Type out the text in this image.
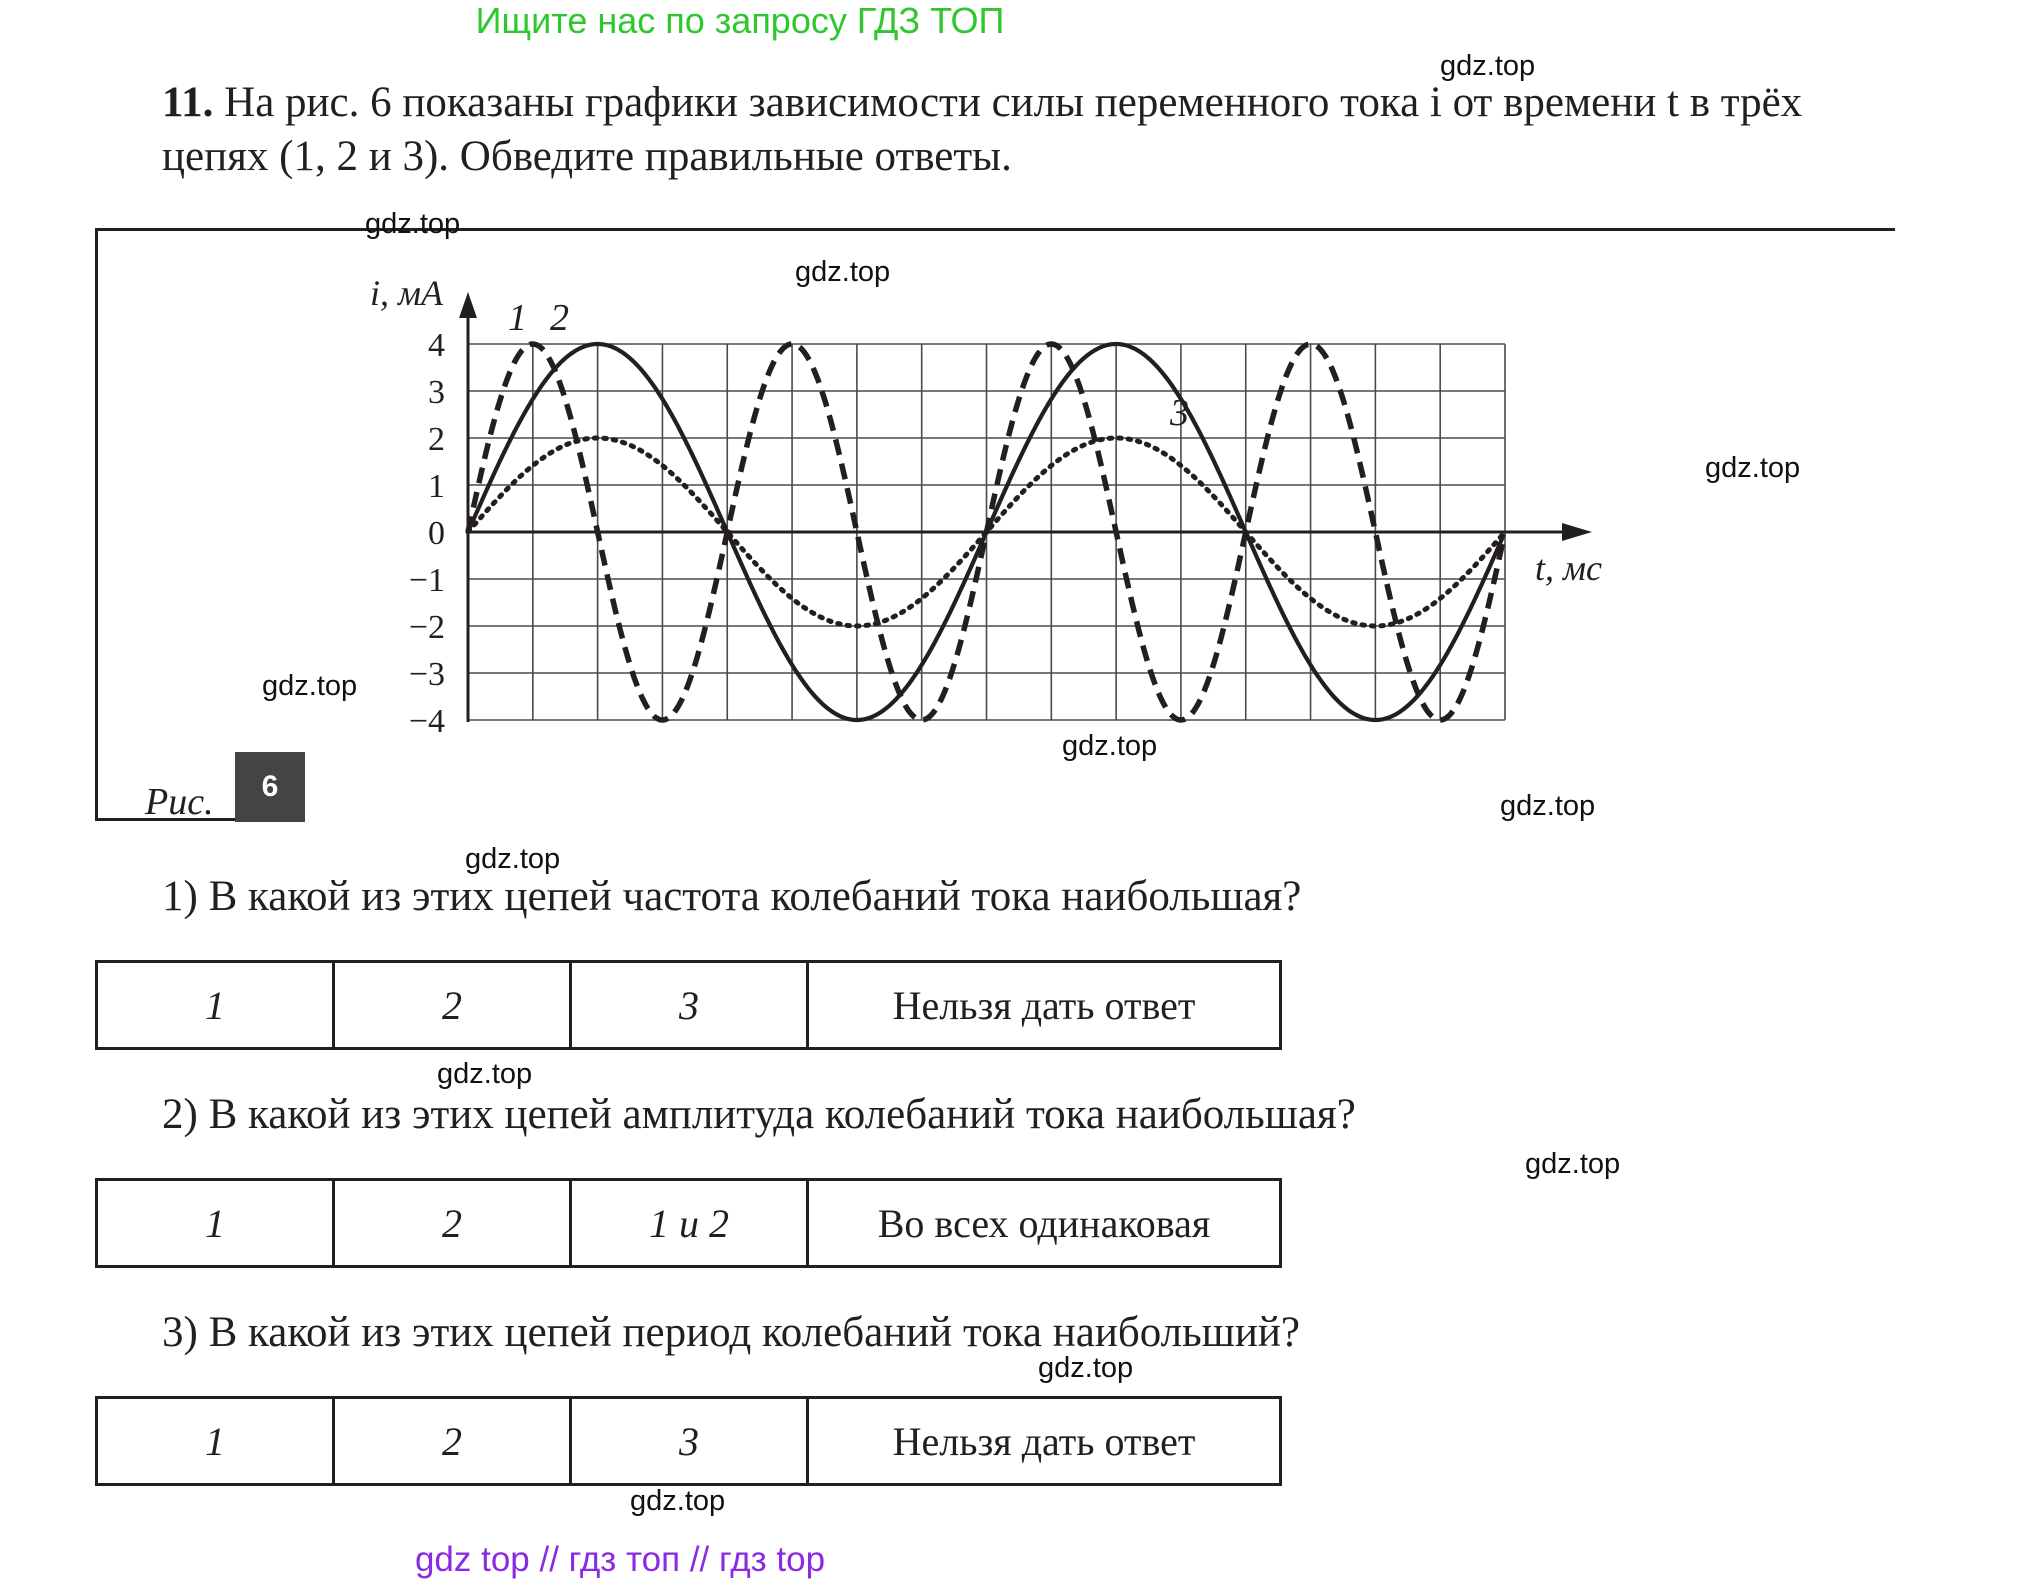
Ищите нас по запросу ГДЗ ТОП
11. На рис. 6 показаны графики зависимости силы переменного тока i от времени t в трёх цепях (1, 2 и 3). Обведите правильные ответы.
4
3
2
1
0
−1
−2
−3
−4
i, мА
t, мс
1 2
3
Рис.	6
1) В какой из этих цепей частота колебаний тока наибольшая?
1	2	3	Нельзя дать ответ
2) В какой из этих цепей амплитуда колебаний тока наибольшая?
1	2	1 и 2	Во всех одинаковая
3) В какой из этих цепей период колебаний тока наибольший?
1	2	3	Нельзя дать ответ
gdz.top
gdz.top
gdz.top
gdz.top
gdz.top
gdz.top
gdz.top
gdz.top
gdz.top
gdz.top
gdz.top
gdz.top
gdz top // гдз топ // гдз top
